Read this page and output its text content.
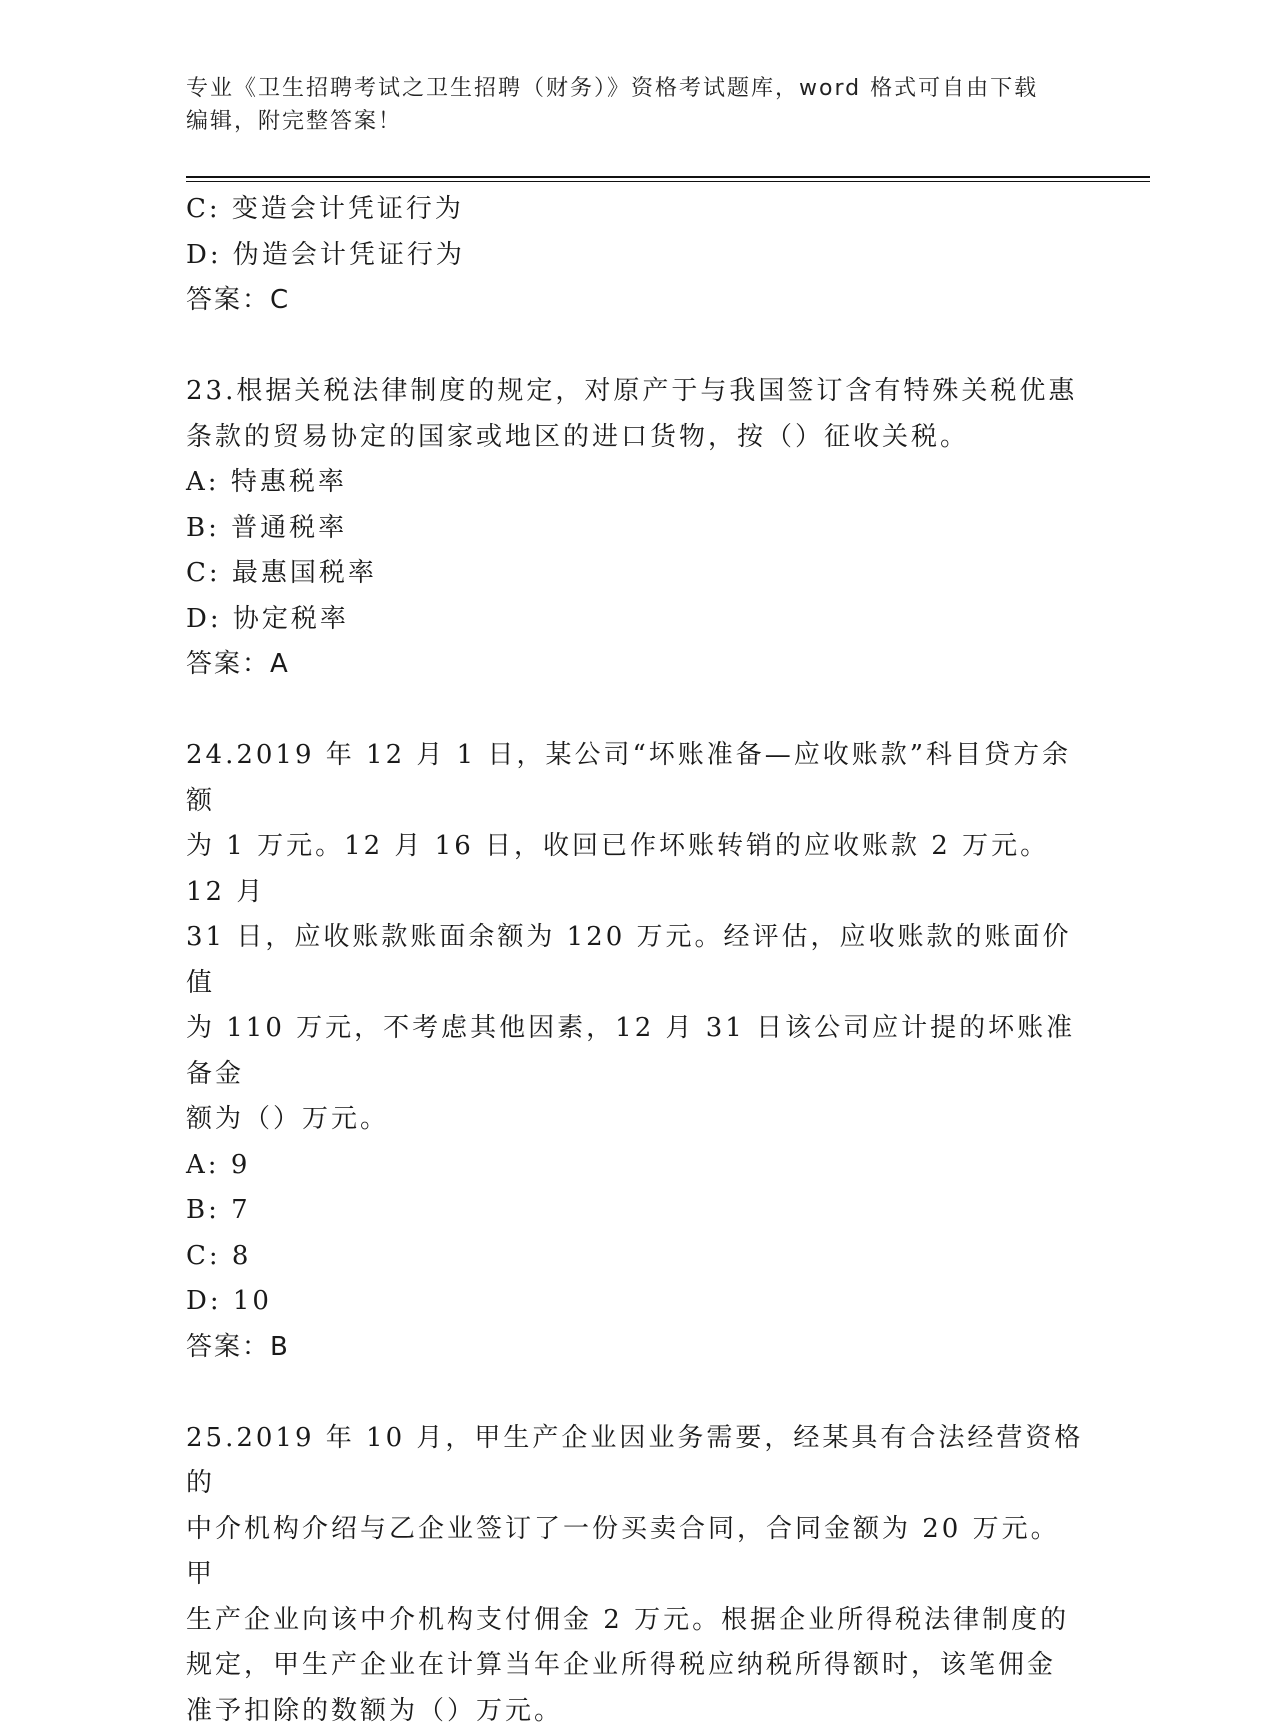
专业《卫生招聘考试之卫生招聘（财务）》资格考试题库，word 格式可自由下载
编辑，附完整答案！
C: 变造会计凭证行为
D: 伪造会计凭证行为
答案：C
23.根据关税法律制度的规定，对原产于与我国签订含有特殊关税优惠
条款的贸易协定的国家或地区的进口货物，按（）征收关税。
A: 特惠税率
B: 普通税率
C: 最惠国税率
D: 协定税率
答案：A
24.2019 年 12 月 1 日，某公司“坏账准备—应收账款”科目贷方余额
为 1 万元。12 月 16 日，收回已作坏账转销的应收账款 2 万元。12 月
31 日，应收账款账面余额为 120 万元。经评估，应收账款的账面价值
为 110 万元，不考虑其他因素，12 月 31 日该公司应计提的坏账准备金
额为（）万元。
A: 9
B: 7
C: 8
D: 10
答案：B
25.2019 年 10 月，甲生产企业因业务需要，经某具有合法经营资格的
中介机构介绍与乙企业签订了一份买卖合同，合同金额为 20 万元。甲
生产企业向该中介机构支付佣金 2 万元。根据企业所得税法律制度的
规定，甲生产企业在计算当年企业所得税应纳税所得额时，该笔佣金
准予扣除的数额为（）万元。
